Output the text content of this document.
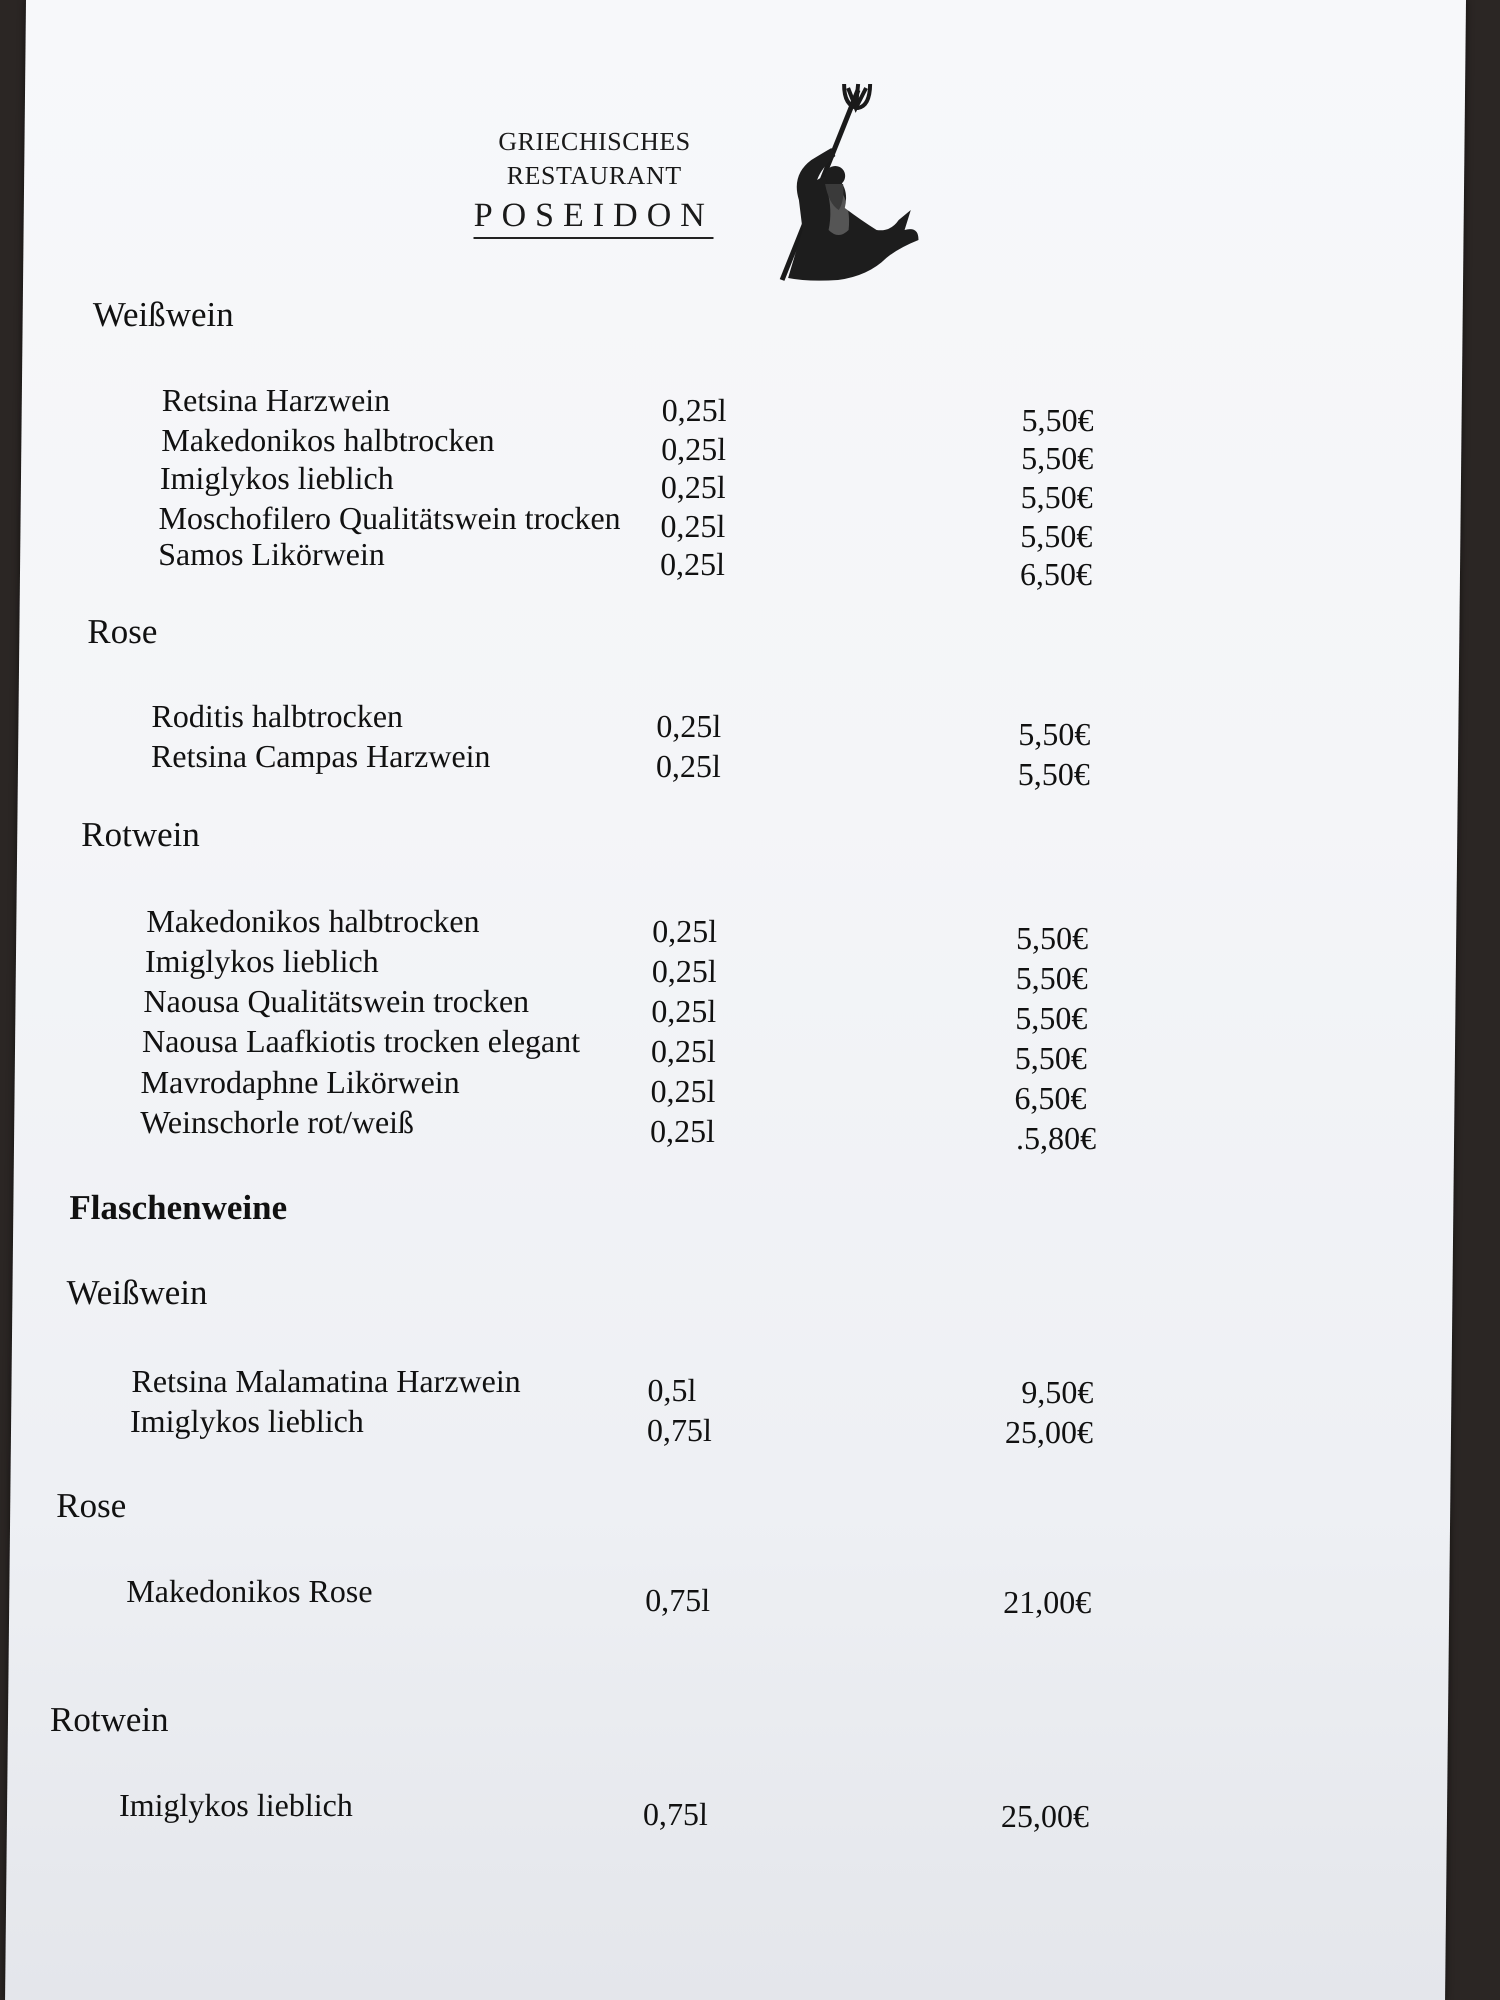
GRIECHISCHES
RESTAURANT
POSEIDON
Weißwein
Retsina Harzwein	0,25l	5,50€
Makedonikos halbtrocken	0,25l	5,50€
Imiglykos lieblich	0,25l	5,50€
Moschofilero Qualitätswein trocken 0,25l	5,50€
Samos Likörwein	0,25l	6,50€
Rose
Roditis halbtrocken	0,25l	5,50€
Retsina Campas Harzwein	0,25l	5,50€
Rotwein
Makedonikos halbtrocken	0,25l	5,50€
Imiglykos lieblich	0,25l	5,50€
Naousa Qualitätswein trocken	0,25l	5,50€
Naousa Laafkiotis trocken elegant 0,25l	5,50€
Mavrodaphne Likörwein	0,25l	6,50€
Weinschorle rot/weiß	0,25l	.5,80€
Flaschenweine
Weißwein
Retsina Malamatina Harzwein	0,5l	9,50€
Imiglykos lieblich	0,75l	25,00€
Rose
Makedonikos Rose	0,75l	21,00€
Rotwein
Imiglykos lieblich	0,75l	25,00€
